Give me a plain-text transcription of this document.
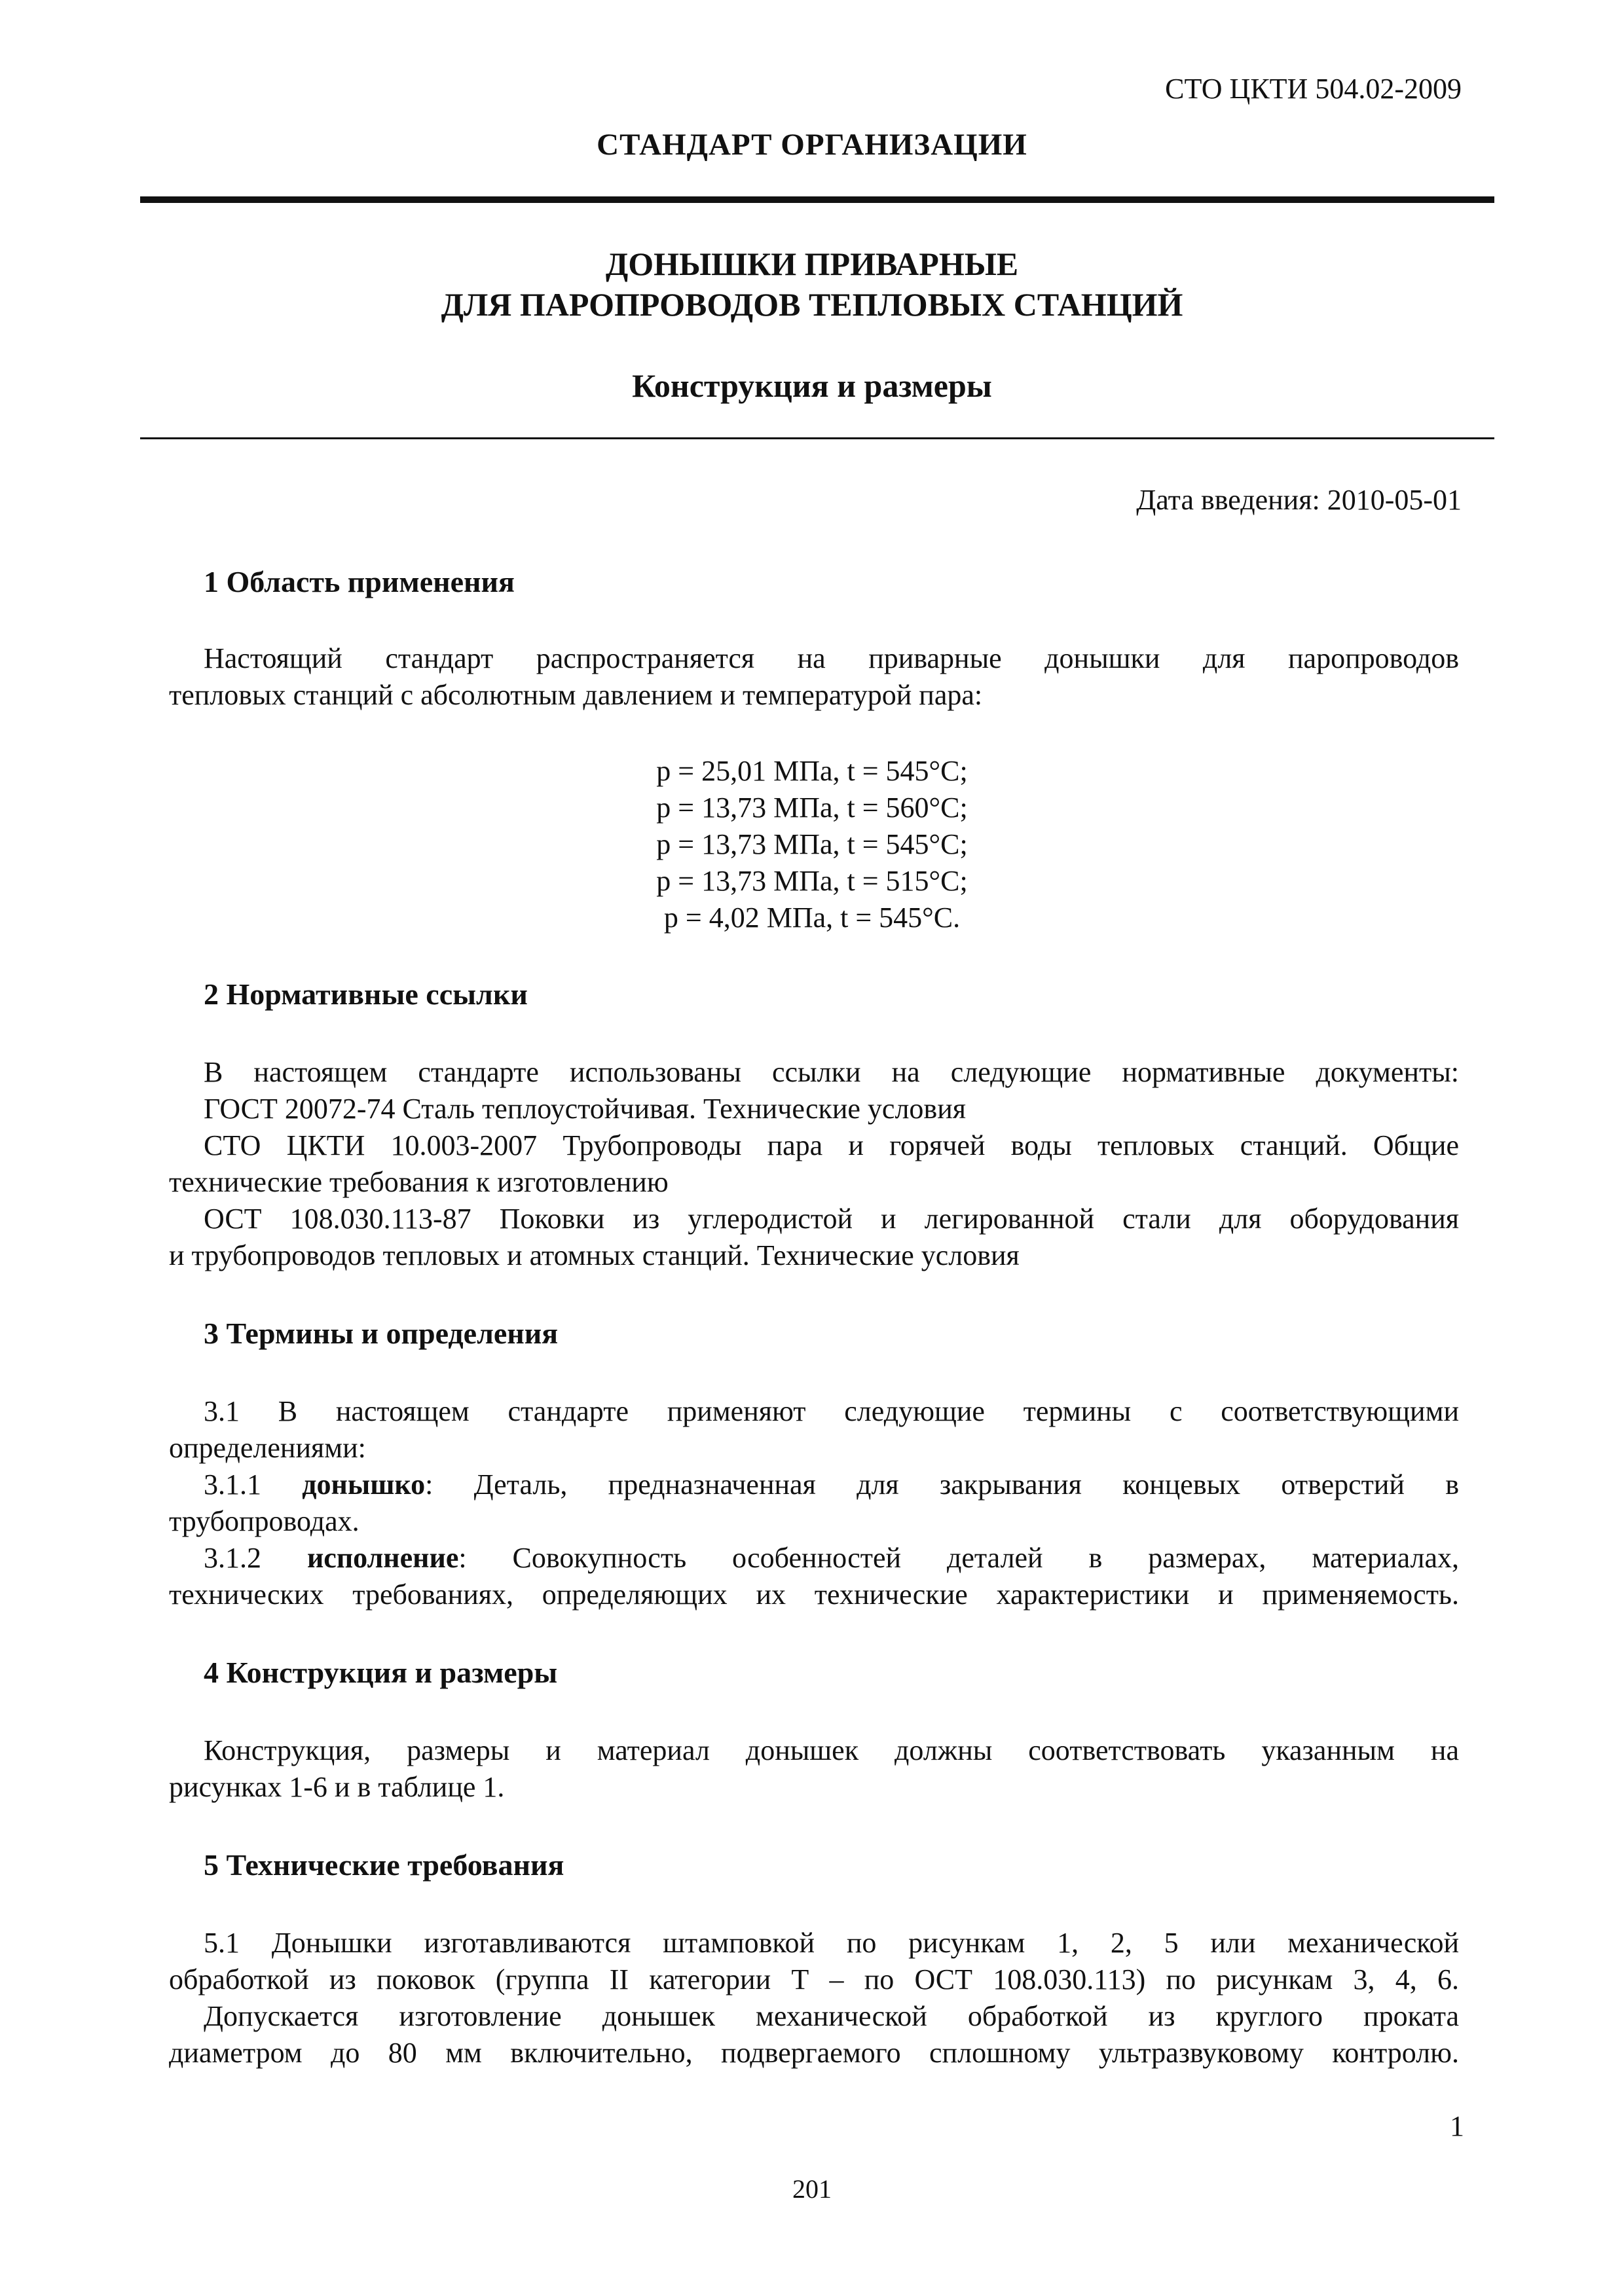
СТО ЦКТИ 504.02-2009
СТАНДАРТ ОРГАНИЗАЦИИ
ДОНЫШКИ ПРИВАРНЫЕ
ДЛЯ ПАРОПРОВОДОВ ТЕПЛОВЫХ СТАНЦИЙ
Конструкция и размеры
Дата введения: 2010-05-01
1 Область применения
Настоящий стандарт распространяется на приварные донышки для паропроводов
тепловых станций с абсолютным давлением и температурой пара:
p = 25,01 МПа, t = 545°C;
p = 13,73 МПа, t = 560°C;
p = 13,73 МПа, t = 545°C;
p = 13,73 МПа, t = 515°C;
p = 4,02 МПа, t = 545°C.
2 Нормативные ссылки
В настоящем стандарте использованы ссылки на следующие нормативные документы:
ГОСТ 20072-74 Сталь теплоустойчивая. Технические условия
СТО ЦКТИ 10.003-2007 Трубопроводы пара и горячей воды тепловых станций. Общие
технические требования к изготовлению
ОСТ 108.030.113-87 Поковки из углеродистой и легированной стали для оборудования
и трубопроводов тепловых и атомных станций. Технические условия
3 Термины и определения
3.1 В настоящем стандарте применяют следующие термины с соответствующими
определениями:
3.1.1 донышко: Деталь, предназначенная для закрывания концевых отверстий в
трубопроводах.
3.1.2 исполнение: Совокупность особенностей деталей в размерах, материалах,
технических требованиях, определяющих их технические характеристики и применяемость.
4 Конструкция и размеры
Конструкция, размеры и материал донышек должны соответствовать указанным на
рисунках 1-6 и в таблице 1.
5 Технические требования
5.1 Донышки изготавливаются штамповкой по рисункам 1, 2, 5 или механической
обработкой из поковок (группа II категории Т – по ОСТ 108.030.113) по рисункам 3, 4, 6.
Допускается изготовление донышек механической обработкой из круглого проката
диаметром до 80 мм включительно, подвергаемого сплошному ультразвуковому контролю.
1
201
